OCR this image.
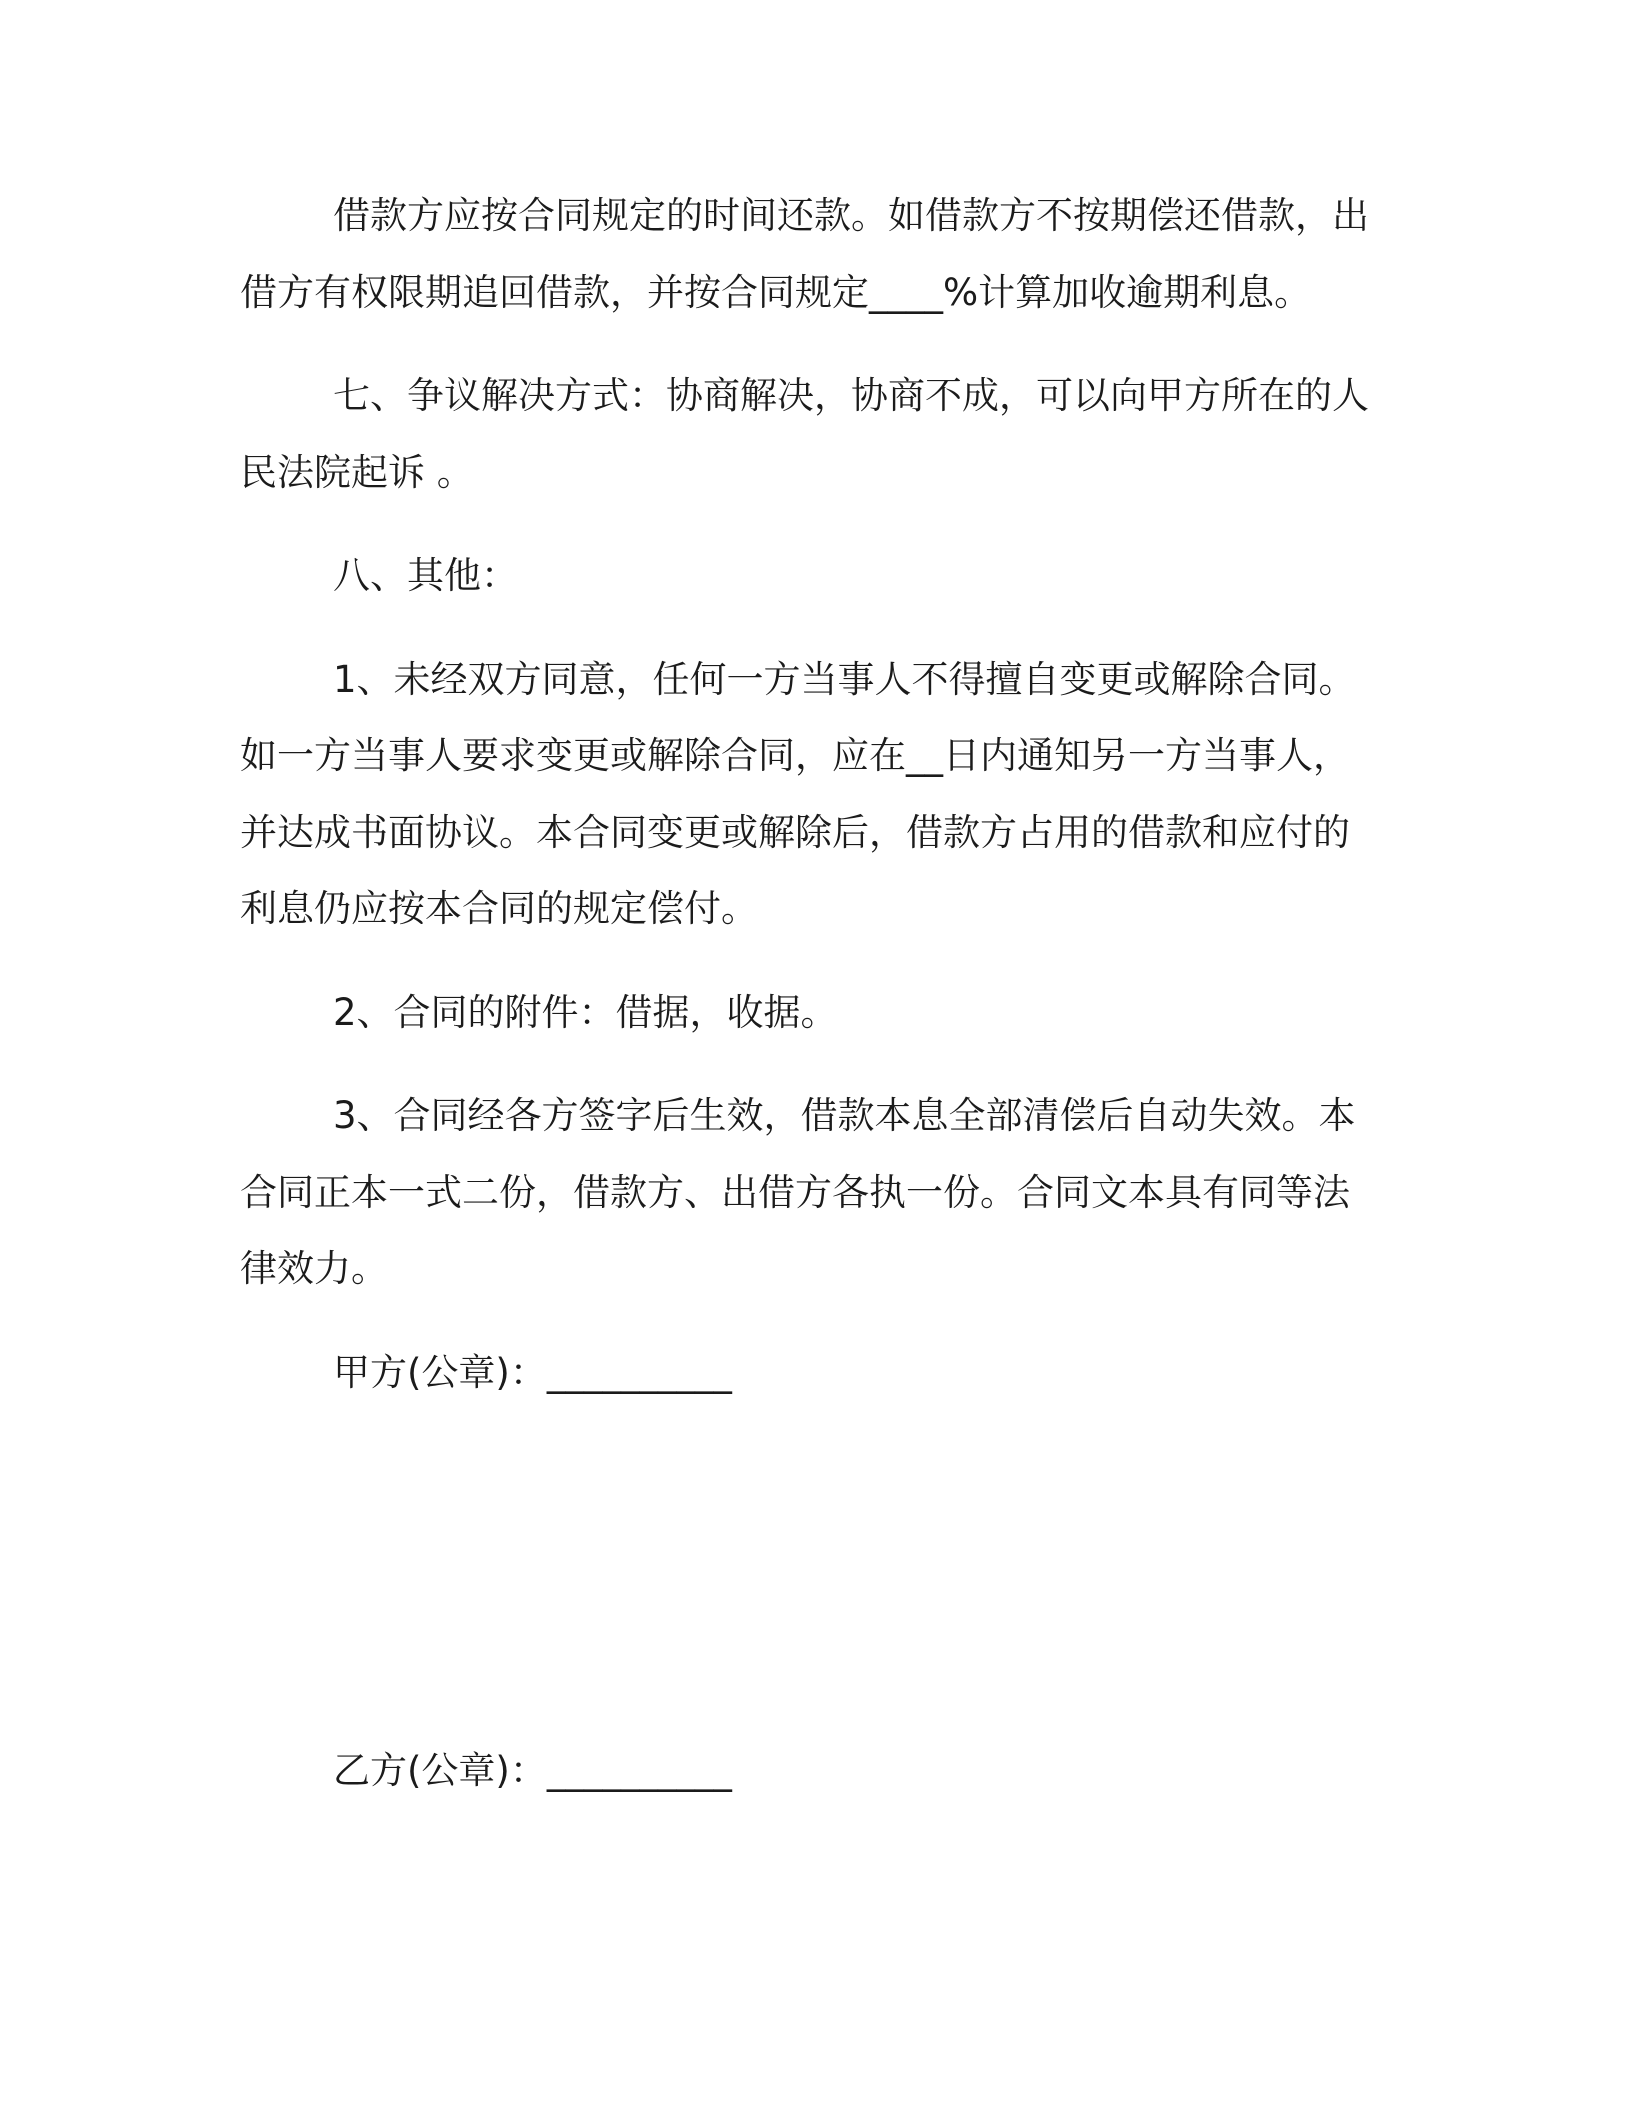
借款方应按合同规定的时间还款。如借款方不按期偿还借款，出
借方有权限期追回借款，并按合同规定____%计算加收逾期利息。
七、争议解决方式：协商解决，协商不成，可以向甲方所在的人
民法院起诉 。
八、其他：
1、未经双方同意，任何一方当事人不得擅自变更或解除合同。
如一方当事人要求变更或解除合同，应在__日内通知另一方当事人，
并达成书面协议。本合同变更或解除后，借款方占用的借款和应付的
利息仍应按本合同的规定偿付。
2、合同的附件：借据，收据。
3、合同经各方签字后生效，借款本息全部清偿后自动失效。本
合同正本一式二份，借款方、出借方各执一份。合同文本具有同等法
律效力。
甲方(公章)：__________
乙方(公章)：__________
